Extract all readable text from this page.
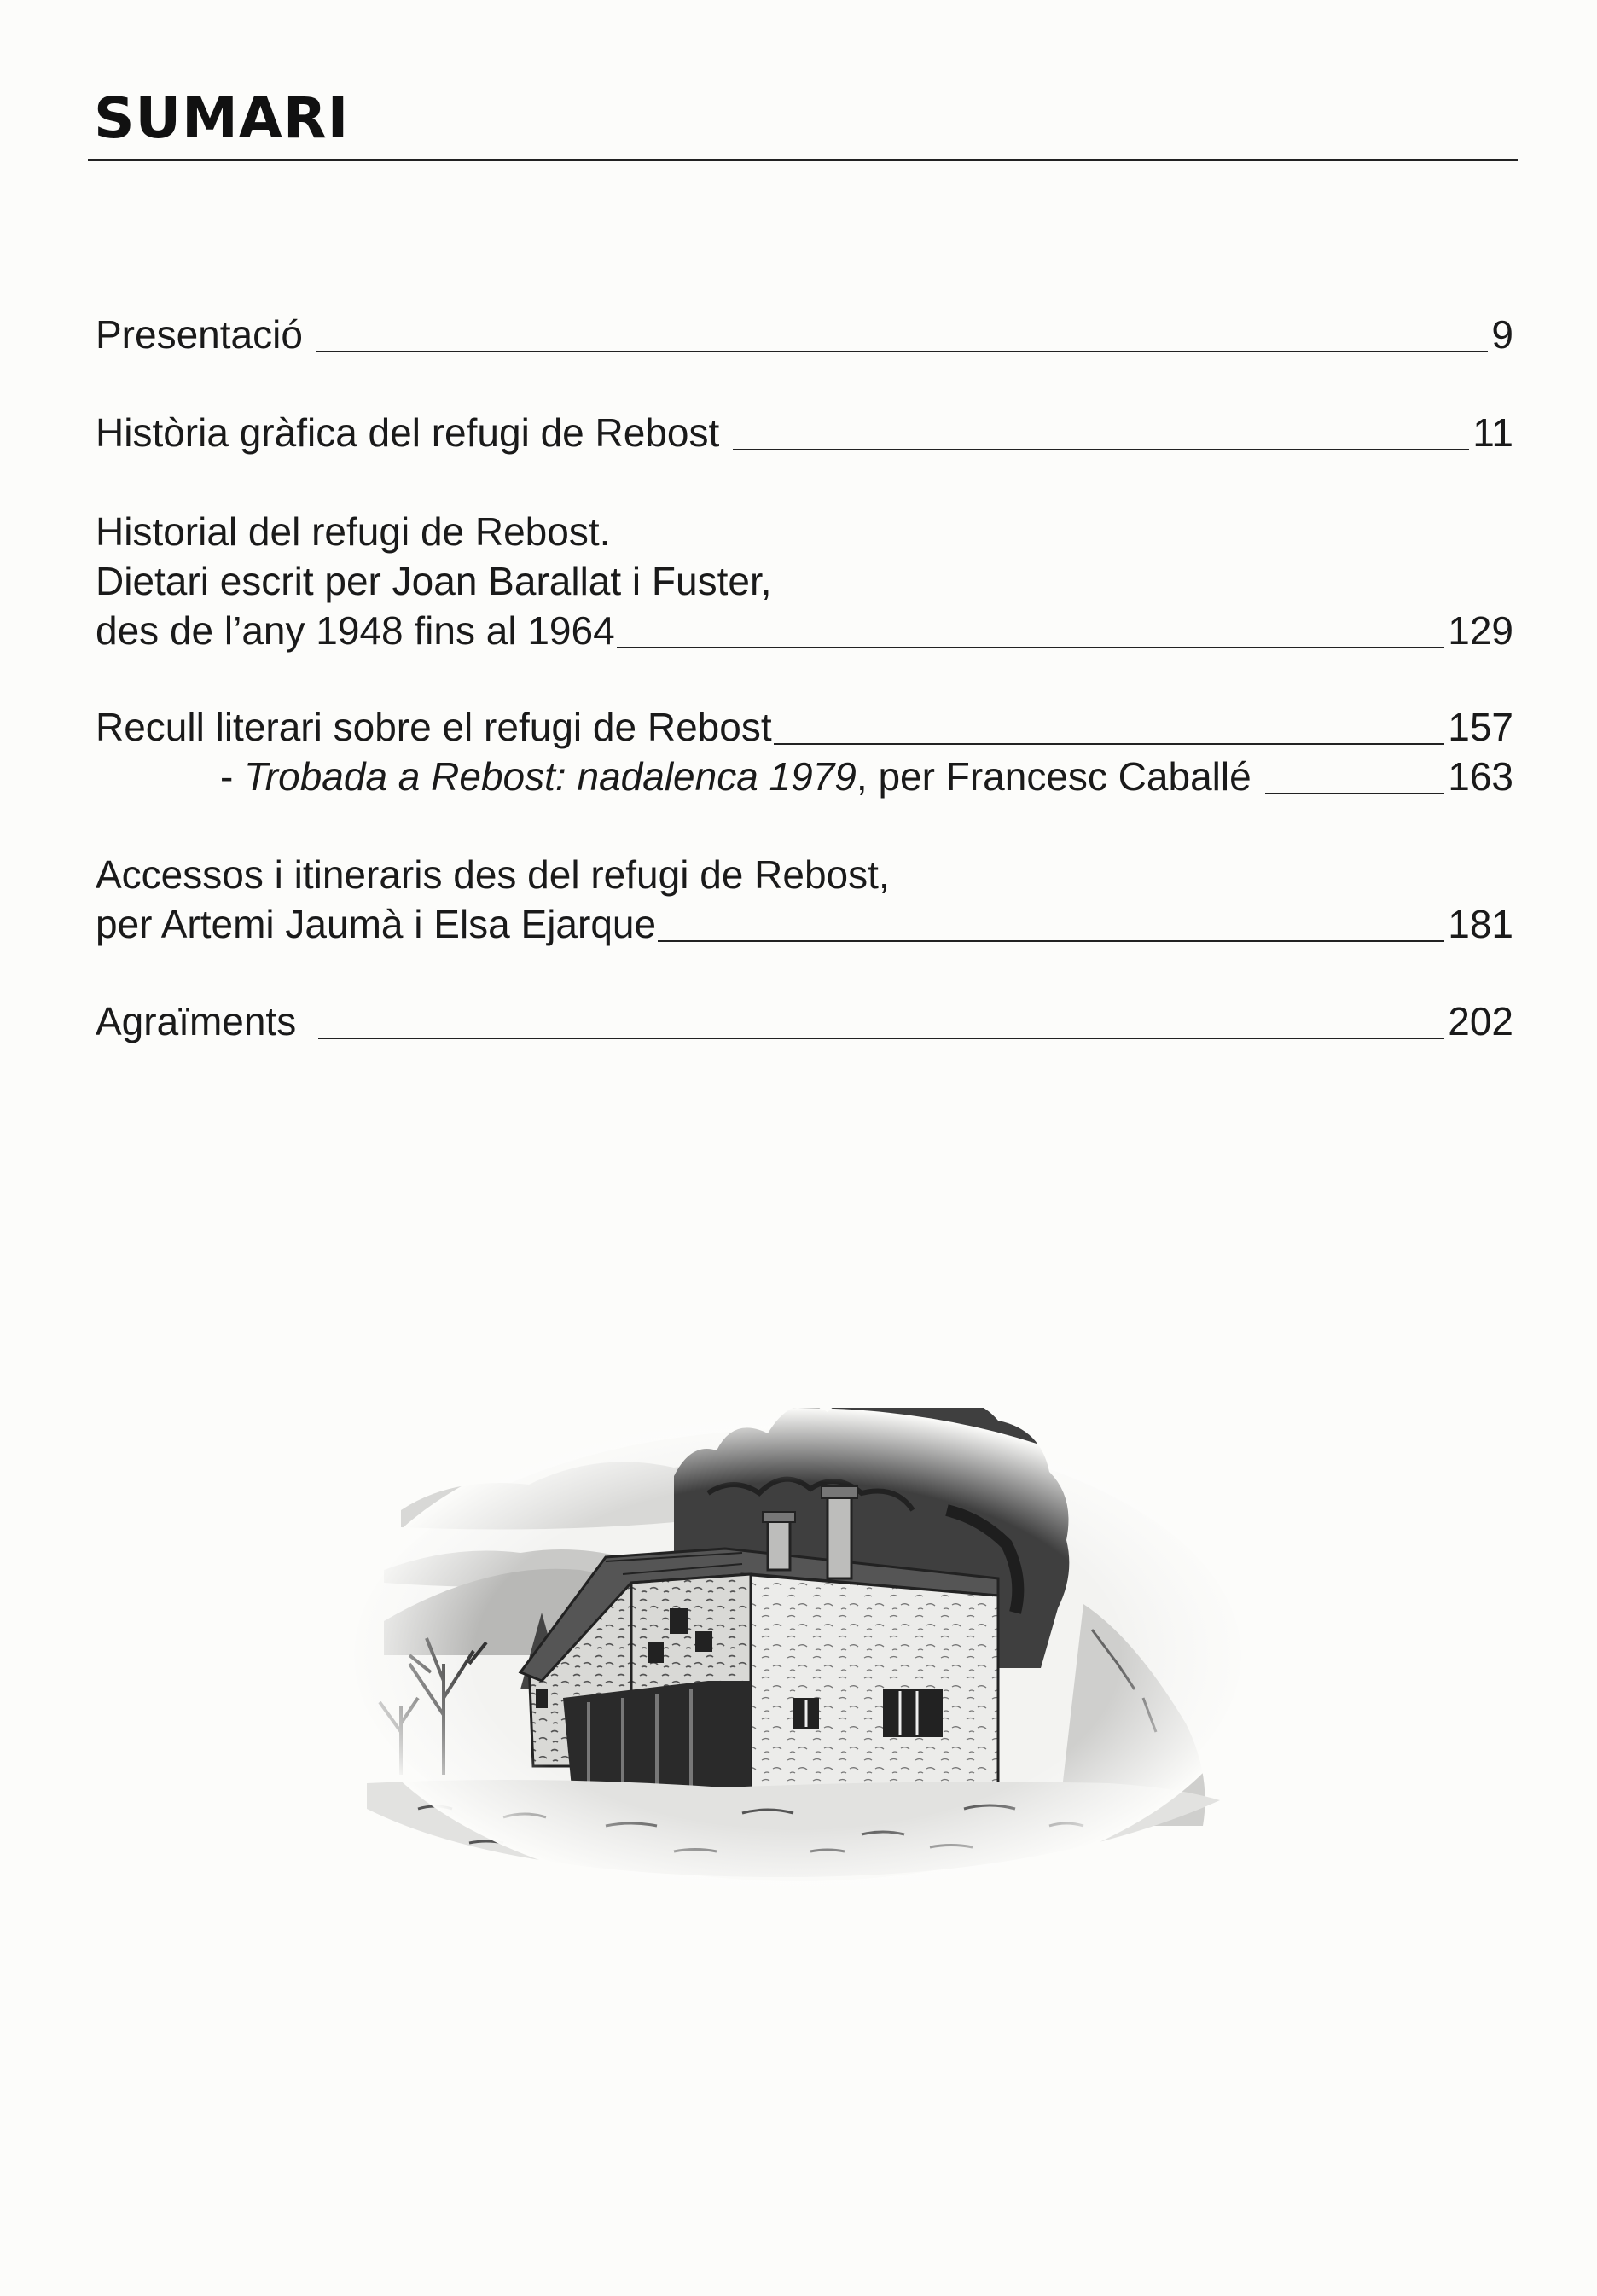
SUMARI
Presentació	9
Història gràfica del refugi de Rebost	11
Historial del refugi de Rebost.
Dietari escrit per Joan Barallat i Fuster,
des de l’any 1948 fins al 1964	129
Recull literari sobre el refugi de Rebost	157
- Trobada a Rebost: nadalenca 1979, per Francesc Caballé	163
Accessos i itineraris des del refugi de Rebost,
per Artemi Jaumà i Elsa Ejarque	181
Agraïments	202
